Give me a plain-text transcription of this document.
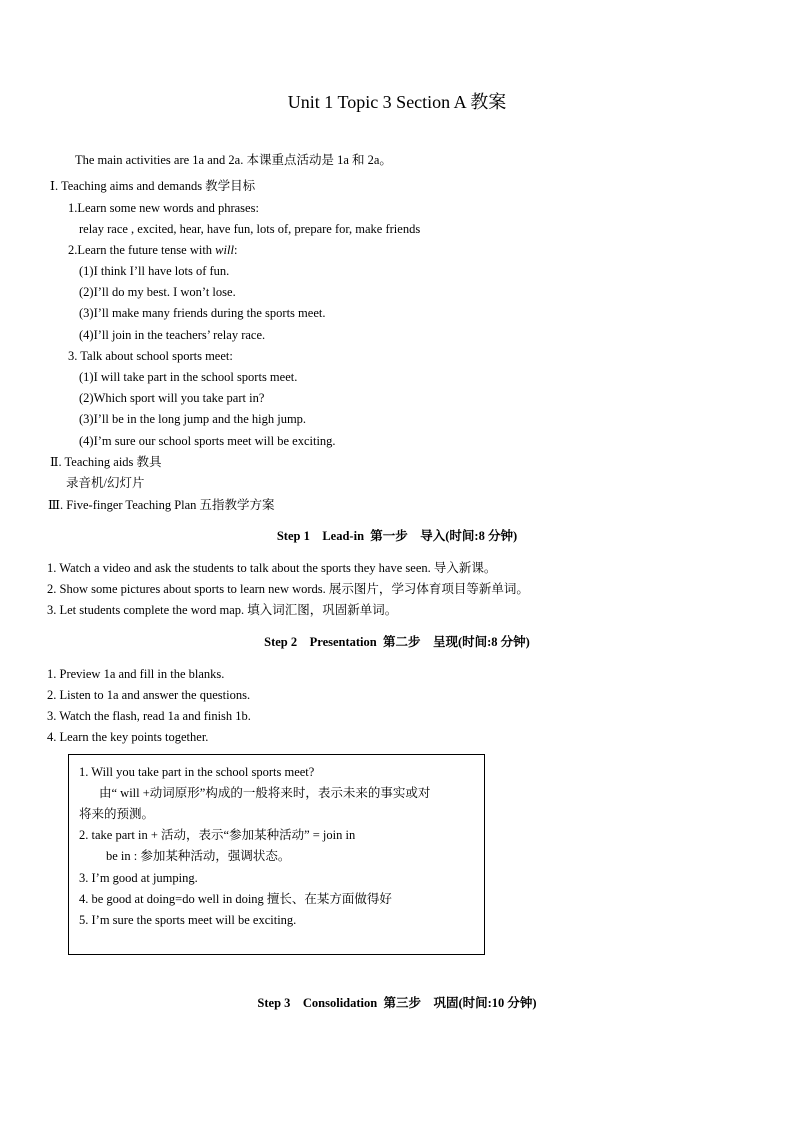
Unit 1 Topic 3 Section A 教案
The main activities are 1a and 2a. 本课重点活动是 1a 和 2a。
Ⅰ. Teaching aims and demands 教学目标
1.Learn some new words and phrases:
relay race , excited, hear, have fun, lots of, prepare for, make friends
2.Learn the future tense with will:
(1)I think I’ll have lots of fun.
(2)I’ll do my best. I won’t lose.
(3)I’ll make many friends during the sports meet.
(4)I’ll join in the teachers’ relay race.
3. Talk about school sports meet:
(1)I will take part in the school sports meet.
(2)Which sport will you take part in?
(3)I’ll be in the long jump and the high jump.
(4)I’m sure our school sports meet will be exciting.
Ⅱ. Teaching aids 教具
录音机/幻灯片
Ⅲ. Five-finger Teaching Plan 五指教学方案
Step 1    Lead-in  第一步    导入(时间:8 分钟)
1. Watch a video and ask the students to talk about the sports they have seen. 导入新课。
2. Show some pictures about sports to learn new words. 展示图片，学习体育项目等新单词。
3. Let students complete the word map. 填入词汇图，巩固新单词。
Step 2    Presentation  第二步    呈现(时间:8 分钟)
1. Preview 1a and fill in the blanks.
2. Listen to 1a and answer the questions.
3. Watch the flash, read 1a and finish 1b.
4. Learn the key points together.
1. Will you take part in the school sports meet?
由“ will +动词原形”构成的一般将来时，表示未来的事实或对
将来的预测。
2. take part in + 活动，表示“参加某种活动” = join in
be in : 参加某种活动，强调状态。
3. I’m good at jumping.
4. be good at doing=do well in doing 擅长、在某方面做得好
5. I’m sure the sports meet will be exciting.
Step 3    Consolidation  第三步    巩固(时间:10 分钟)
